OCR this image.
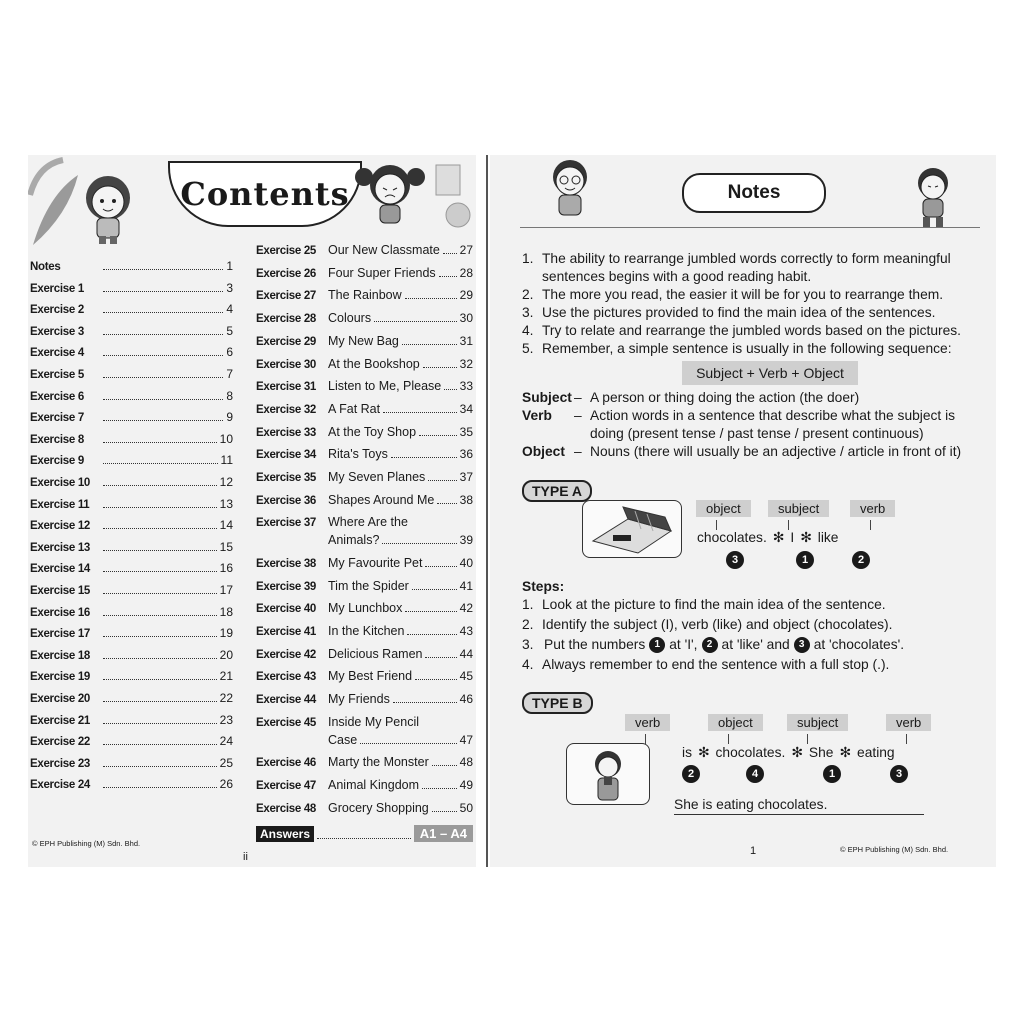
Contents
Notes	1
Exercise 1	3
Exercise 2	4
Exercise 3	5
Exercise 4	6
Exercise 5	7
Exercise 6	8
Exercise 7	9
Exercise 8	10
Exercise 9	11
Exercise 10	12
Exercise 11	13
Exercise 12	14
Exercise 13	15
Exercise 14	16
Exercise 15	17
Exercise 16	18
Exercise 17	19
Exercise 18	20
Exercise 19	21
Exercise 20	22
Exercise 21	23
Exercise 22	24
Exercise 23	25
Exercise 24	26
Exercise 25 Our New Classmate 27
Exercise 26 Four Super Friends 28
Exercise 27 The Rainbow	29
Exercise 28 Colours	30
Exercise 29 My New Bag	31
Exercise 30 At the Bookshop	32
Exercise 31 Listen to Me, Please 33
Exercise 32 A Fat Rat	34
Exercise 33 At the Toy Shop	35
Exercise 34 Rita's Toys	36
Exercise 35 My Seven Planes	37
Exercise 36 Shapes Around Me 38
Exercise 37 Where Are the
Animals?	39
Exercise 38 My Favourite Pet	40
Exercise 39 Tim the Spider	41
Exercise 40 My Lunchbox	42
Exercise 41 In the Kitchen	43
Exercise 42 Delicious Ramen	44
Exercise 43 My Best Friend	45
Exercise 44 My Friends	46
Exercise 45 Inside My Pencil
Case	47
Exercise 46 Marty the Monster	48
Exercise 47 Animal Kingdom	49
Exercise 48 Grocery Shopping	50
Answers	A1 – A4
© EPH Publishing (M) Sdn. Bhd.
ii
Notes
1. The ability to rearrange jumbled words correctly to form meaningful
sentences begins with a good reading habit.
2. The more you read, the easier it will be for you to rearrange them.
3. Use the pictures provided to find the main idea of the sentences.
4. Try to relate and rearrange the jumbled words based on the pictures.
5. Remember, a simple sentence is usually in the following sequence:
Subject + Verb + Object
Subject – A person or thing doing the action (the doer)
Verb	– Action words in a sentence that describe what the subject is
doing (present tense / past tense / present continuous)
Object – Nouns (there will usually be an adjective / article in front of it)
TYPE A
object	subject	verb
chocolates. ✻ I ✻ like
3	1	2
Steps:
1. Look at the picture to find the main idea of the sentence.
2. Identify the subject (I), verb (like) and object (chocolates).
3. Put the numbers 1 at 'I', 2 at 'like' and 3 at 'chocolates'.
4. Always remember to end the sentence with a full stop (.).
TYPE B
verb	object	subject	verb
is ✻ chocolates. ✻ She ✻ eating
2	4	1	3
She is eating chocolates.
1	© EPH Publishing (M) Sdn. Bhd.
